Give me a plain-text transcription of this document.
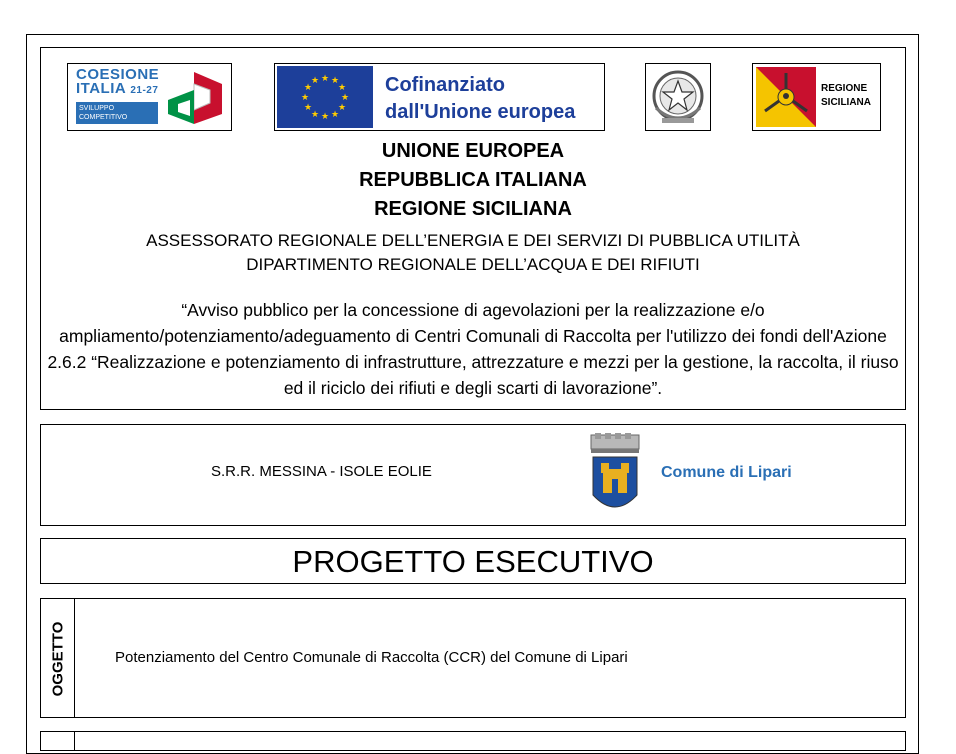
COESIONE
ITALIA 21-27
SVILUPPO COMPETITIVO
★ ★
★
★
★
★
★
★
★
★
★
★	Cofinanziato
dall'Unione europea
REGIONE
SICILIANA
UNIONE EUROPEA
REPUBBLICA ITALIANA
REGIONE SICILIANA
ASSESSORATO REGIONALE DELL’ENERGIA E DEI SERVIZI DI PUBBLICA UTILITÀ
DIPARTIMENTO REGIONALE DELL’ACQUA E DEI RIFIUTI
“Avviso pubblico per la concessione di agevolazioni per la realizzazione e/o ampliamento/potenziamento/adeguamento di Centri Comunali di Raccolta per l'utilizzo dei fondi dell'Azione 2.6.2 “Realizzazione e potenziamento di infrastrutture, attrezzature e mezzi per la gestione, la raccolta, il riuso ed il riciclo dei rifiuti e degli scarti di lavorazione”.
S.R.R. MESSINA - ISOLE EOLIE	Comune di Lipari
PROGETTO ESECUTIVO
OGGETTO	Potenziamento del Centro Comunale di Raccolta (CCR) del Comune di Lipari
